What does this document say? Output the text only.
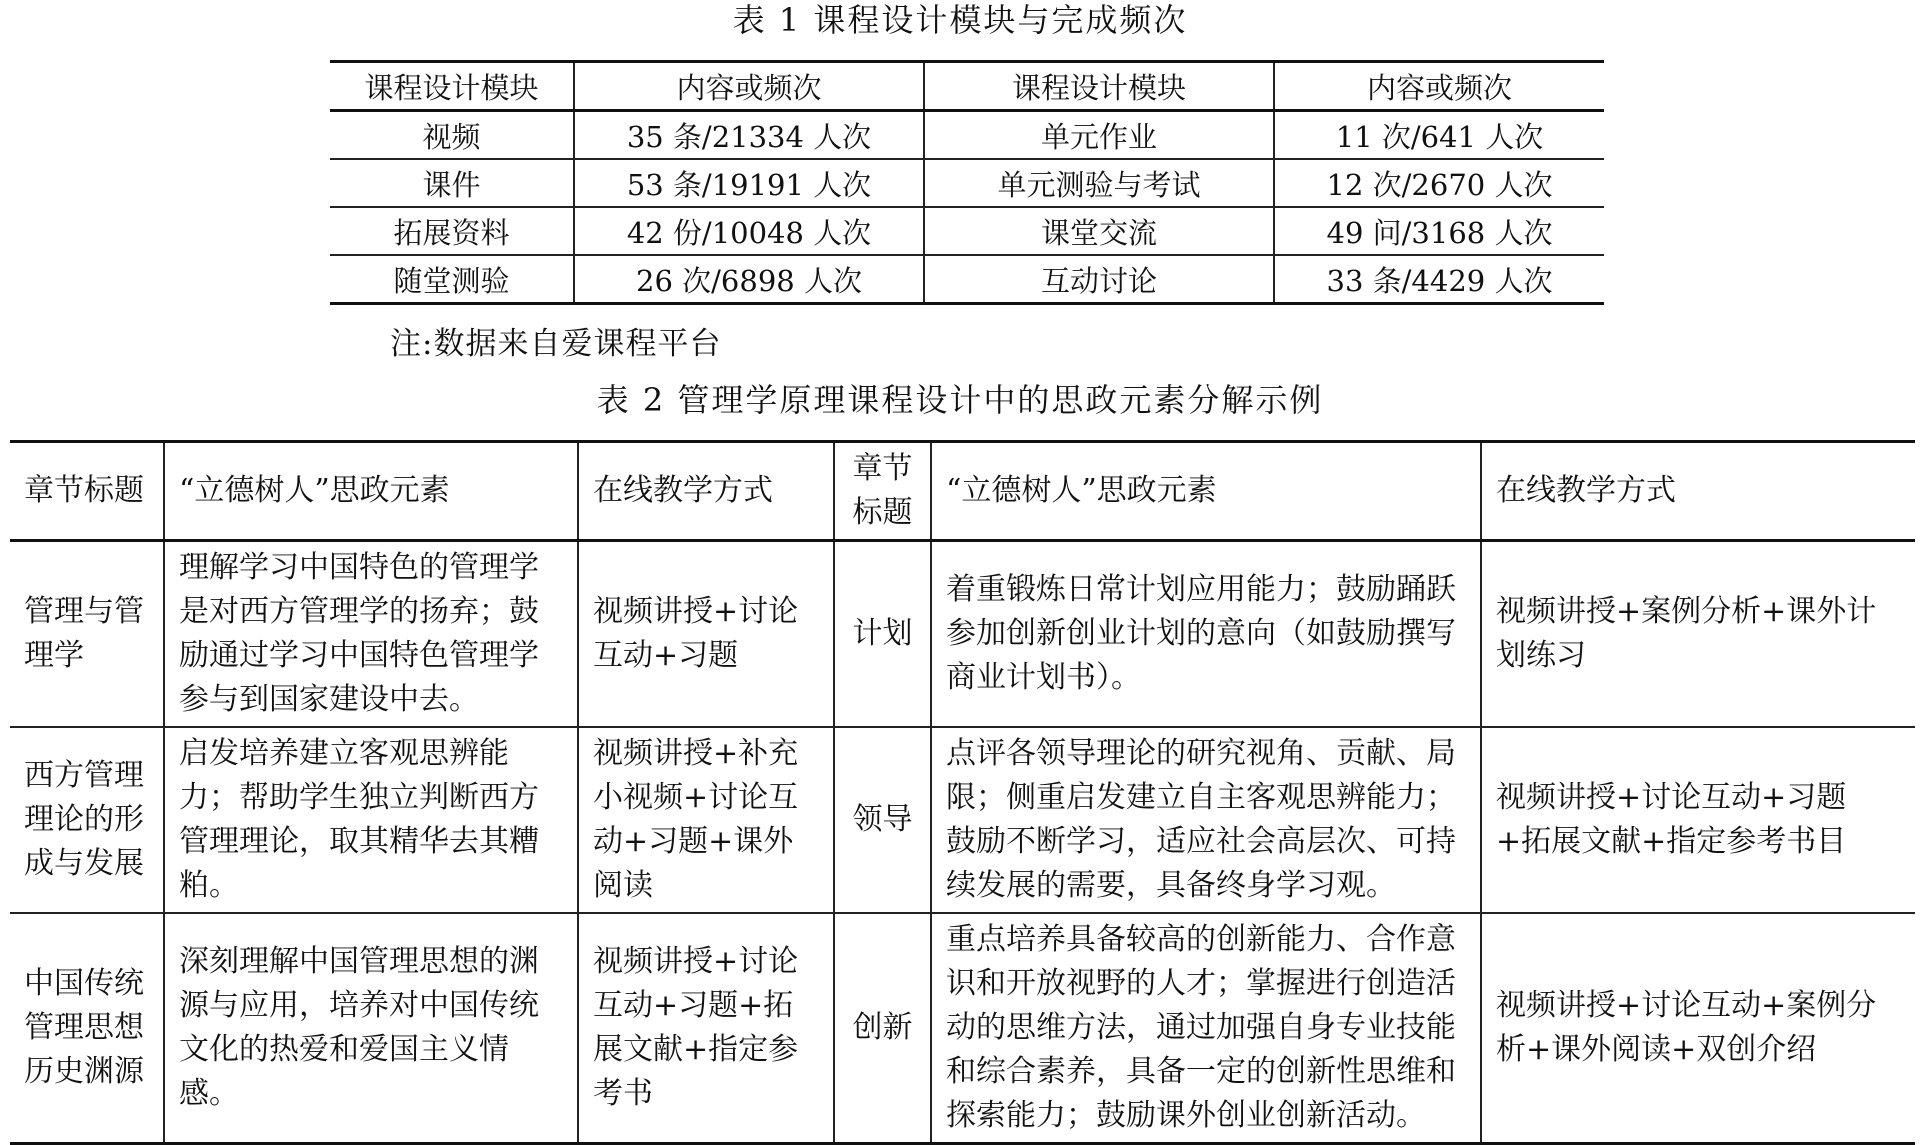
表 1 课程设计模块与完成频次
课程设计模块	内容或频次	课程设计模块	内容或频次
视频	35 条/21334 人次	单元作业	11 次/641 人次
课件	53 条/19191 人次	单元测验与考试	12 次/2670 人次
拓展资料	42 份/10048 人次	课堂交流	49 问/3168 人次
随堂测验	26 次/6898 人次	互动讨论	33 条/4429 人次
注:数据来自爱课程平台
表 2 管理学原理课程设计中的思政元素分解示例
章节标题	“立德树人”思政元素	在线教学方式	章节标题	“立德树人”思政元素	在线教学方式
管理与管理学	理解学习中国特色的管理学是对西方管理学的扬弃；鼓励通过学习中国特色管理学参与到国家建设中去。	视频讲授+讨论互动+习题	计划	着重锻炼日常计划应用能力；鼓励踊跃参加创新创业计划的意向（如鼓励撰写商业计划书）。	视频讲授+案例分析+课外计划练习
西方管理理论的形成与发展	启发培养建立客观思辨能力；帮助学生独立判断西方管理理论，取其精华去其糟粕。	视频讲授+补充小视频+讨论互动+习题+课外阅读	领导	点评各领导理论的研究视角、贡献、局限；侧重启发建立自主客观思辨能力；鼓励不断学习，适应社会高层次、可持续发展的需要，具备终身学习观。	视频讲授+讨论互动+习题+拓展文献+指定参考书目
中国传统管理思想历史渊源	深刻理解中国管理思想的渊源与应用，培养对中国传统文化的热爱和爱国主义情感。	视频讲授+讨论互动+习题+拓展文献+指定参考书	创新	重点培养具备较高的创新能力、合作意识和开放视野的人才；掌握进行创造活动的思维方法，通过加强自身专业技能和综合素养，具备一定的创新性思维和探索能力；鼓励课外创业创新活动。	视频讲授+讨论互动+案例分析+课外阅读+双创介绍
